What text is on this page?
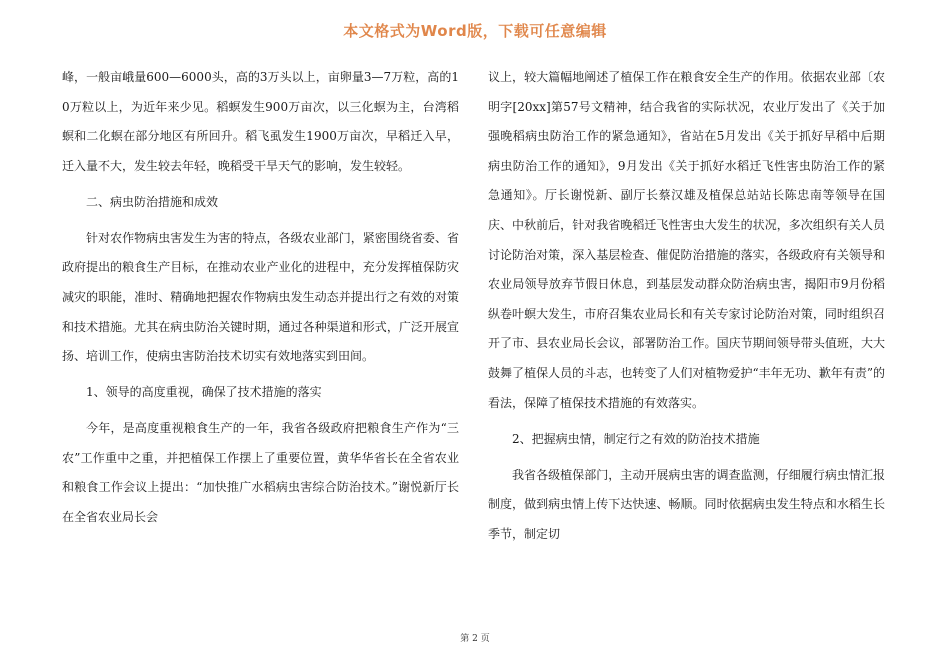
本文格式为Word版，下载可任意编辑

峰，一般亩峨量600—6000头，高的3万头以上，亩卵量3—7万粒，高的10万粒以上，为近年来少见。稻螟发生900万亩次，以三化螟为主，台湾稻螟和二化螟在部分地区有所回升。稻飞虱发生1900万亩次，早稻迁入早，迁入量不大，发生较去年轻，晚稻受干旱天气的影响，发生较轻。

二、病虫防治措施和成效

针对农作物病虫害发生为害的特点，各级农业部门，紧密围绕省委、省政府提出的粮食生产目标，在推动农业产业化的进程中，充分发挥植保防灾减灾的职能，准时、精确地把握农作物病虫发生动态并提出行之有效的对策和技术措施。尤其在病虫防治关键时期，通过各种渠道和形式，广泛开展宣扬、培训工作，使病虫害防治技术切实有效地落实到田间。

1、领导的高度重视，确保了技术措施的落实

今年，是高度重视粮食生产的一年，我省各级政府把粮食生产作为“三农”工作重中之重，并把植保工作摆上了重要位置，黄华华省长在全省农业和粮食工作会议上提出：“加快推广水稻病虫害综合防治技术。”谢悦新厅长在全省农业局长会

议上，较大篇幅地阐述了植保工作在粮食安全生产的作用。依据农业部〔农明字[20xx]第57号文精神，结合我省的实际状况，农业厅发出了《关于加强晚稻病虫防治工作的紧急通知》，省站在5月发出《关于抓好早稻中后期病虫防治工作的通知》，9月发出《关于抓好水稻迁飞性害虫防治工作的紧急通知》。厅长谢悦新、副厅长蔡汉雄及植保总站站长陈忠南等领导在国庆、中秋前后，针对我省晚稻迁飞性害虫大发生的状况，多次组织有关人员讨论防治对策，深入基层检查、催促防治措施的落实，各级政府有关领导和农业局领导放弃节假日休息，到基层发动群众防治病虫害，揭阳市9月份稻纵卷叶螟大发生，市府召集农业局长和有关专家讨论防治对策，同时组织召开了市、县农业局长会议，部署防治工作。国庆节期间领导带头值班，大大鼓舞了植保人员的斗志，也转变了人们对植物爱护“丰年无功、歉年有责”的看法，保障了植保技术措施的有效落实。

2、把握病虫情，制定行之有效的防治技术措施

我省各级植保部门，主动开展病虫害的调查监测，仔细履行病虫情汇报制度，做到病虫情上传下达快速、畅顺。同时依据病虫发生特点和水稻生长季节，制定切

第 2 页
